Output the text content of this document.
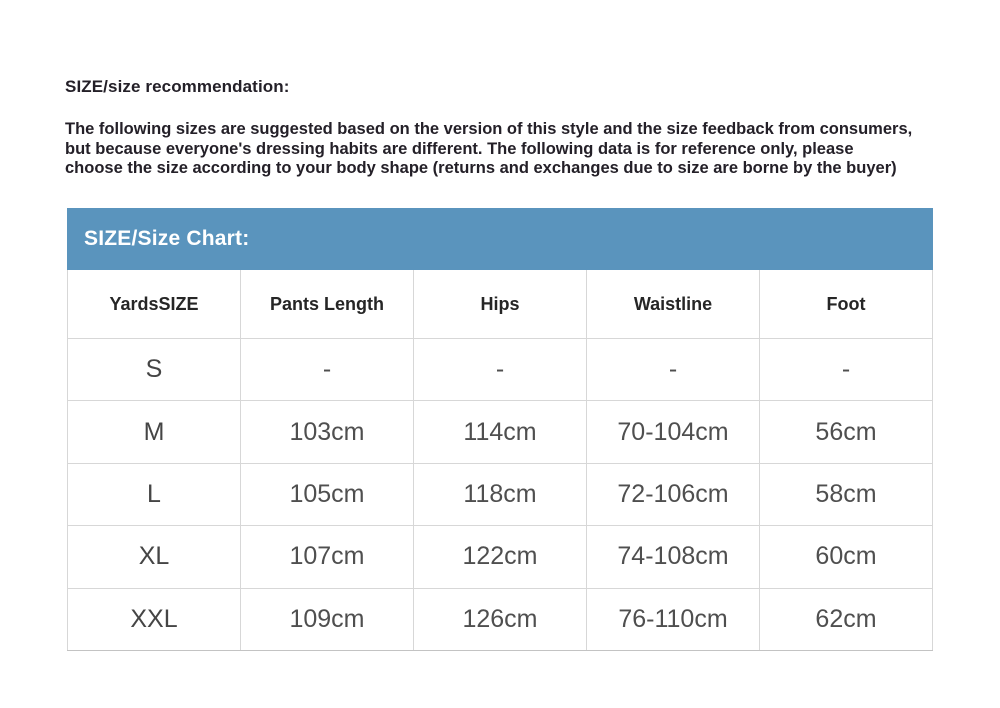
SIZE/size recommendation:
The following sizes are suggested based on the version of this style and the size feedback from consumers,
but because everyone's dressing habits are different. The following data is for reference only, please
choose the size according to your body shape (returns and exchanges due to size are borne by the buyer)
SIZE/Size Chart:
YardsSIZE	Pants Length	Hips	Waistline	Foot
S	-	-	-	-
M	103cm	114cm	70-104cm	56cm
L	105cm	118cm	72-106cm	58cm
XL	107cm	122cm	74-108cm	60cm
XXL	109cm	126cm	76-110cm	62cm
